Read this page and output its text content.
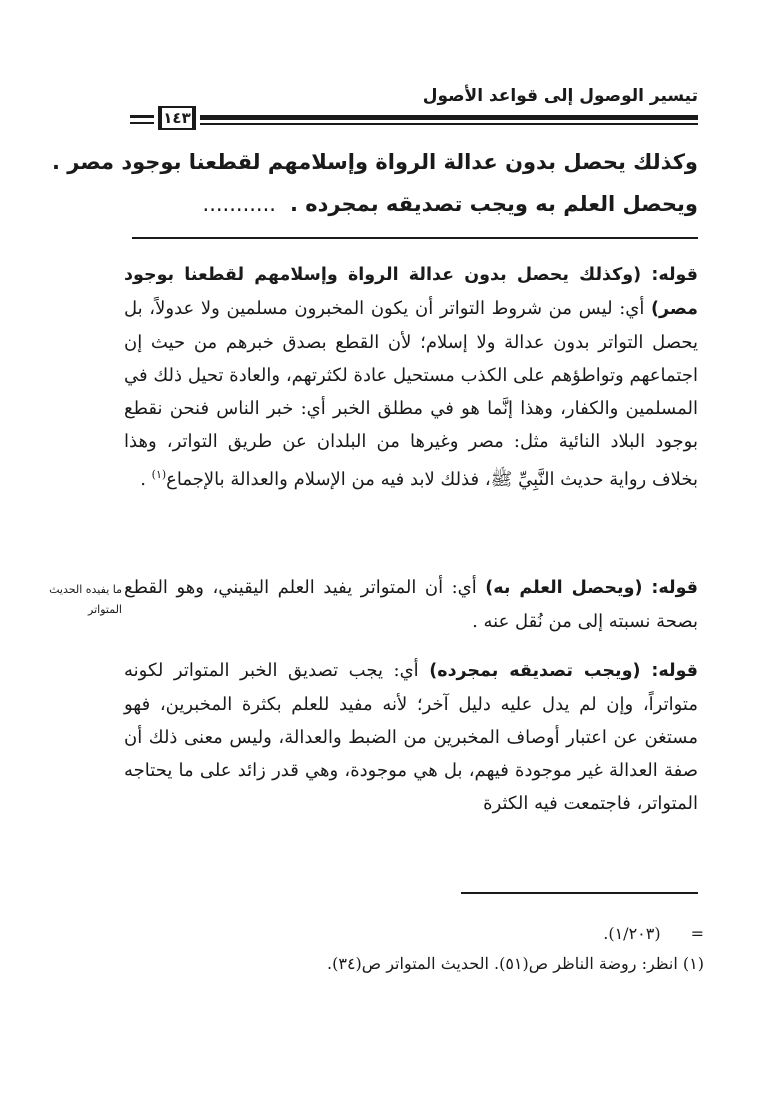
تيسير الوصول إلى قواعد الأصول
١٤٣
وكذلك يحصل بدون عدالة الرواة وإسلامهم لقطعنا بوجود مصر .
ويحصل العلم به ويجب تصديقه بمجرده ............
قوله: (وكذلك يحصل بدون عدالة الرواة وإسلامهم لقطعنا بوجود مصر) أي: ليس من شروط التواتر أن يكون المخبرون مسلمين ولا عدولاً، بل يحصل التواتر بدون عدالة ولا إسلام؛ لأن القطع بصدق خبرهم من حيث إن اجتماعهم وتواطؤهم على الكذب مستحيل عادة لكثرتهم، والعادة تحيل ذلك في المسلمين والكفار، وهذا إنَّما هو في مطلق الخبر أي: خبر الناس فنحن نقطع بوجود البلاد النائية مثل: مصر وغيرها من البلدان عن طريق التواتر، وهذا بخلاف رواية حديث النَّبِيِّ ﷺ، فذلك لابد فيه من الإسلام والعدالة بالإجماع$^{(١)}$ .
ما يفيده الحديث المتواتر
قوله: (ويحصل العلم به) أي: أن المتواتر يفيد العلم اليقيني، وهو القطع بصحة نسبته إلى من نُقل عنه .
قوله: (ويجب تصديقه بمجرده) أي: يجب تصديق الخبر المتواتر لكونه متواتراً، وإن لم يدل عليه دليل آخر؛ لأنه مفيد للعلم بكثرة المخبرين، فهو مستغن عن اعتبار أوصاف المخبرين من الضبط والعدالة، وليس معنى ذلك أن صفة العدالة غير موجودة فيهم، بل هي موجودة، وهي قدر زائد على ما يحتاجه المتواتر، فاجتمعت فيه الكثرة
=(١/٢٠٣).
(١) انظر: روضة الناظر ص(٥١). الحديث المتواتر ص(٣٤).
